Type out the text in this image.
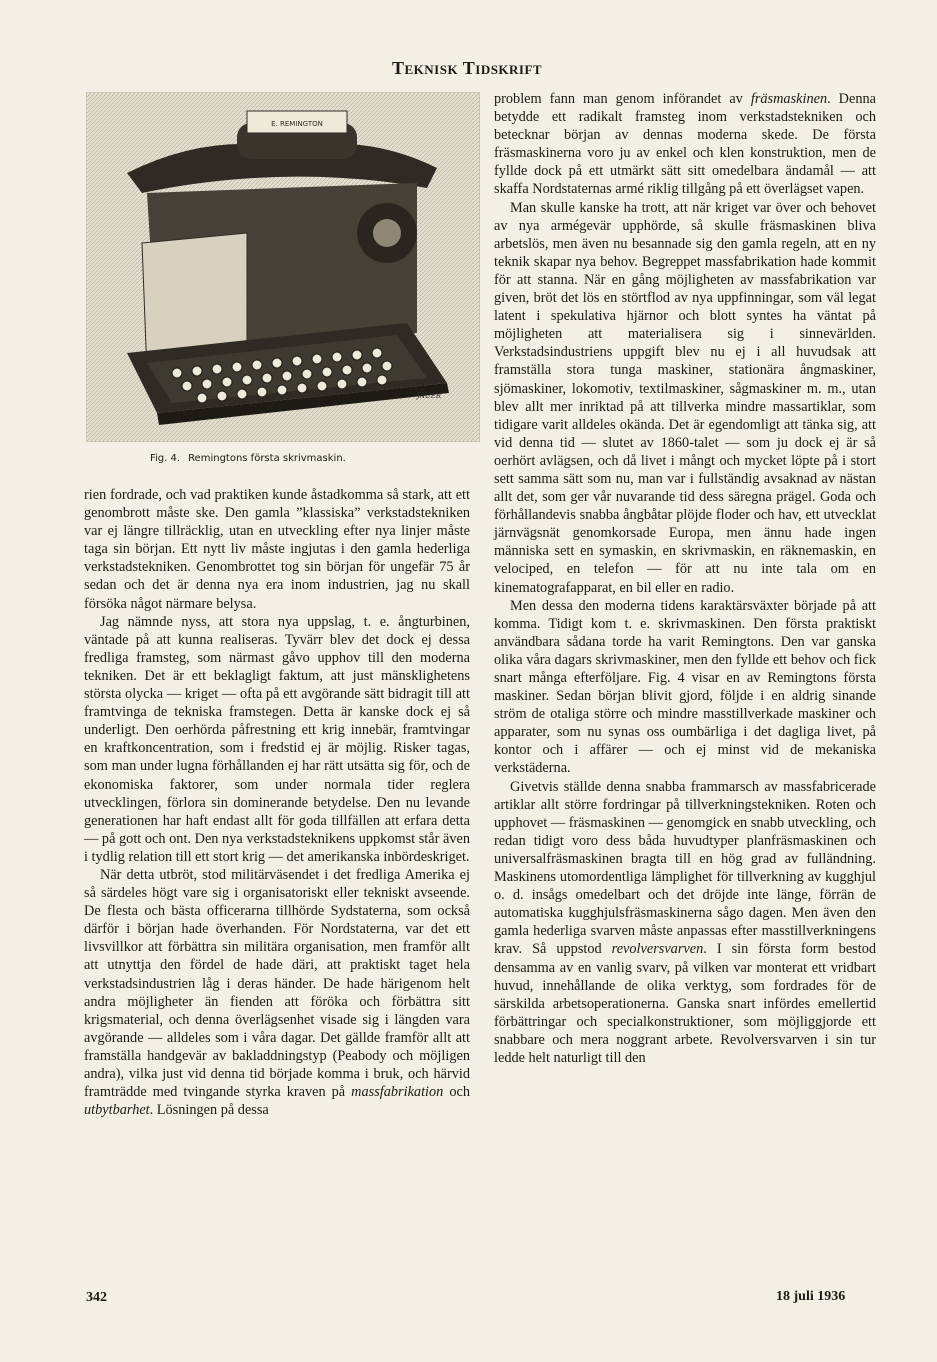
Teknisk Tidskrift
E. REMINGTON
JAUER
Fig. 4. Remingtons första skrivmaskin.

rien fordrade, och vad praktiken kunde åstadkomma så stark, att ett genombrott måste ske. Den gamla ”klassiska” verkstadstekniken var ej längre tillräcklig, utan en utveckling efter nya linjer måste taga sin början. Ett nytt liv måste ingjutas i den gamla hederliga verkstadstekniken. Genombrottet tog sin början för ungefär 75 år sedan och det är denna nya era inom industrien, jag nu skall försöka något närmare belysa.

Jag nämnde nyss, att stora nya uppslag, t. e. ångturbinen, väntade på att kunna realiseras. Tyvärr blev det dock ej dessa fredliga framsteg, som närmast gåvo upphov till den moderna tekniken. Det är ett beklagligt faktum, att just mänsklighetens största olycka — kriget — ofta på ett avgörande sätt bidragit till att framtvinga de tekniska framstegen. Detta är kanske dock ej så underligt. Den oerhörda påfrestning ett krig innebär, framtvingar en kraftkoncentration, som i fredstid ej är möjlig. Risker tagas, som man under lugna förhållanden ej har rätt utsätta sig för, och de ekonomiska faktorer, som under normala tider reglera utvecklingen, förlora sin dominerande betydelse. Den nu levande generationen har haft endast allt för goda tillfällen att erfara detta — på gott och ont. Den nya verkstadsteknikens uppkomst står även i tydlig relation till ett stort krig — det amerikanska inbördeskriget.

När detta utbröt, stod militärväsendet i det fredliga Amerika ej så särdeles högt vare sig i organisatoriskt eller tekniskt avseende. De flesta och bästa officerarna tillhörde Sydstaterna, som också därför i början hade överhanden. För Nordstaterna, var det ett livsvillkor att förbättra sin militära organisation, men framför allt att utnyttja den fördel de hade däri, att praktiskt taget hela verkstadsindustrien låg i deras händer. De hade härigenom helt andra möjligheter än fienden att föröka och förbättra sitt krigsmaterial, och denna överlägsenhet visade sig i längden vara avgörande — alldeles som i våra dagar. Det gällde framför allt att framställa handgevär av bakladdningstyp (Peabody och möjligen andra), vilka just vid denna tid började komma i bruk, och härvid framträdde med tvingande styrka kraven på massfabrikation och utbytbarhet. Lösningen på dessa

problem fann man genom införandet av fräsmaskinen. Denna betydde ett radikalt framsteg inom verkstadstekniken och betecknar början av dennas moderna skede. De första fräsmaskinerna voro ju av enkel och klen konstruktion, men de fyllde dock på ett utmärkt sätt sitt omedelbara ändamål — att skaffa Nordstaternas armé riklig tillgång på ett överlägset vapen.

Man skulle kanske ha trott, att när kriget var över och behovet av nya armégevär upphörde, så skulle fräsmaskinen bliva arbetslös, men även nu besannade sig den gamla regeln, att en ny teknik skapar nya behov. Begreppet massfabrikation hade kommit för att stanna. När en gång möjligheten av massfabrikation var given, bröt det lös en störtflod av nya uppfinningar, som väl legat latent i spekulativa hjärnor och blott syntes ha väntat på möjligheten att materialisera sig i sinnevärlden. Verkstadsindustriens uppgift blev nu ej i all huvudsak att framställa stora tunga maskiner, stationära ångmaskiner, sjömaskiner, lokomotiv, textilmaskiner, sågmaskiner m. m., utan blev allt mer inriktad på att tillverka mindre massartiklar, som tidigare varit alldeles okända. Det är egendomligt att tänka sig, att vid denna tid — slutet av 1860-talet — som ju dock ej är så oerhört avlägsen, och då livet i mångt och mycket löpte på i stort sett samma sätt som nu, man var i fullständig avsaknad av nästan allt det, som ger vår nuvarande tid dess säregna prägel. Goda och förhållandevis snabba ångbåtar plöjde floder och hav, ett utvecklat järnvägsnät genomkorsade Europa, men ännu hade ingen människa sett en symaskin, en skrivmaskin, en räknemaskin, en velociped, en telefon — för att nu inte tala om en kinematografapparat, en bil eller en radio.

Men dessa den moderna tidens karaktärsväxter började på att komma. Tidigt kom t. e. skrivmaskinen. Den första praktiskt användbara sådana torde ha varit Remingtons. Den var ganska olika våra dagars skrivmaskiner, men den fyllde ett behov och fick snart många efterföljare. Fig. 4 visar en av Remingtons första maskiner. Sedan början blivit gjord, följde i en aldrig sinande ström de otaliga större och mindre masstillverkade maskiner och apparater, som nu synas oss oumbärliga i det dagliga livet, på kontor och i affärer — och ej minst vid de mekaniska verkstäderna.

Givetvis ställde denna snabba frammarsch av massfabricerade artiklar allt större fordringar på tillverkningstekniken. Roten och upphovet — fräsmaskinen — genomgick en snabb utveckling, och redan tidigt voro dess båda huvudtyper planfräsmaskinen och universalfräsmaskinen bragta till en hög grad av fulländning. Maskinens utomordentliga lämplighet för tillverkning av kugghjul o. d. insågs omedelbart och det dröjde inte länge, förrän de automatiska kugghjulsfräsmaskinerna sågo dagen. Men även den gamla hederliga svarven måste anpassas efter masstillverkningens krav. Så uppstod revolversvarven. I sin första form bestod densamma av en vanlig svarv, på vilken var monterat ett vridbart huvud, innehållande de olika verktyg, som fordrades för de särskilda arbetsoperationerna. Ganska snart infördes emellertid förbättringar och specialkonstruktioner, som möjliggjorde ett snabbare och mera noggrant arbete. Revolversvarven i sin tur ledde helt naturligt till den

342	18 juli 1936
